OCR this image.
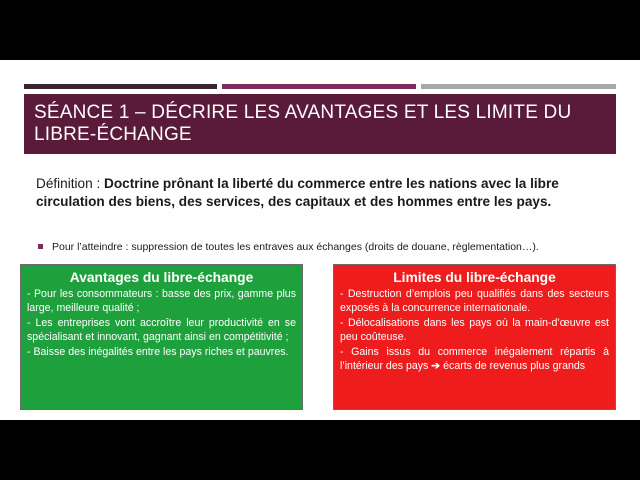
SÉANCE 1 – DÉCRIRE LES AVANTAGES ET LES LIMITE DU LIBRE-ÉCHANGE
Définition : Doctrine prônant la liberté du commerce entre les nations avec la libre circulation des biens, des services, des capitaux et des hommes entre les pays.
Pour l’atteindre : suppression de toutes les entraves aux échanges (droits de douane, règlementation…).
Avantages du libre-échange
- Pour les consommateurs : basse des prix, gamme plus large, meilleure qualité ;
- Les entreprises vont accroître leur productivité en se spécialisant et innovant, gagnant ainsi en compétitivité ;
- Baisse des inégalités entre les pays riches et pauvres.
Limites du libre-échange
- Destruction d’emplois peu qualifiés dans des secteurs exposés à la concurrence internationale.
- Délocalisations dans les pays où la main-d’œuvre est peu coûteuse.
- Gains issus du commerce inégalement répartis à l’intérieur des pays ➔ écarts de revenus plus grands
